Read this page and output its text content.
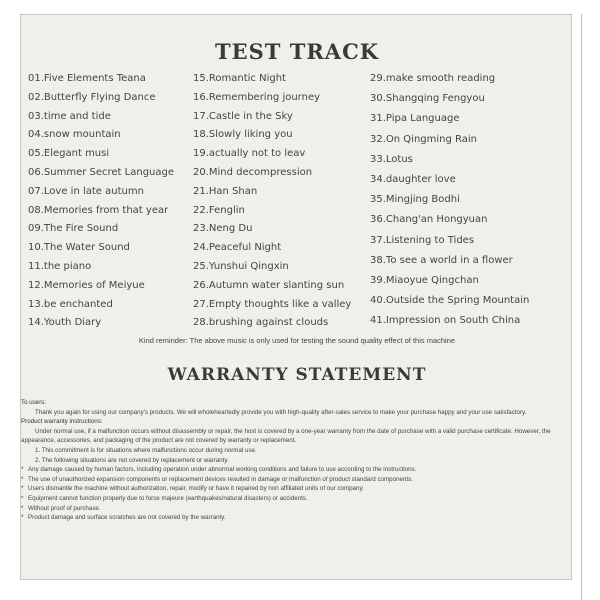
TEST TRACK
01.Five Elements Teana
02.Butterfly Flying Dance
03.time and tide
04.snow mountain
05.Elegant musi
06.Summer Secret Language
07.Love in late autumn
08.Memories from that year
09.The Fire Sound
10.The Water Sound
11.the piano
12.Memories of Meiyue
13.be enchanted
14.Youth Diary
15.Romantic Night
16.Remembering journey
17.Castle in the Sky
18.Slowly liking you
19.actually not to leav
20.Mind decompression
21.Han Shan
22.Fenglin
23.Neng Du
24.Peaceful Night
25.Yunshui Qingxin
26.Autumn water slanting sun
27.Empty thoughts like a valley
28.brushing against clouds
29.make smooth reading
30.Shangqing Fengyou
31.Pipa Language
32.On Qingming Rain
33.Lotus
34.daughter love
35.Mingjing Bodhi
36.Chang'an Hongyuan
37.Listening to Tides
38.To see a world in a flower
39.Miaoyue Qingchan
40.Outside the Spring Mountain
41.Impression on South China
Kind reminder: The above music is only used for testing the sound quality effect of this machine
WARRANTY STATEMENT
To users:
Thank you again for using our company's products. We will wholeheartedly provide you with high-quality after-sales service to make your purchase happy and your use satisfactory.
Product warranty instructions:
Under normal use, if a malfunction occurs without disassembly or repair, the host is covered by a one-year warranty from the date of purchase with a valid purchase certificate. However, the appearance, accessories, and packaging of the product are not covered by warranty or replacement.
1. This commitment is for situations where malfunctions occur during normal use.
2. The following situations are not covered by replacement or warranty.
* Any damage caused by human factors, including operation under abnormal working conditions and failure to use according to the instructions.
* The use of unauthorized expansion components or replacement devices resulted in damage or malfunction of product standard components.
* Users dismantle the machine without authorization, repair, modify or have it repaired by non affiliated units of our company.
* Equipment cannot function properly due to force majeure (earthquakes/natural disasters) or accidents.
* Without proof of purchase.
* Product damage and surface scratches are not covered by the warranty.
